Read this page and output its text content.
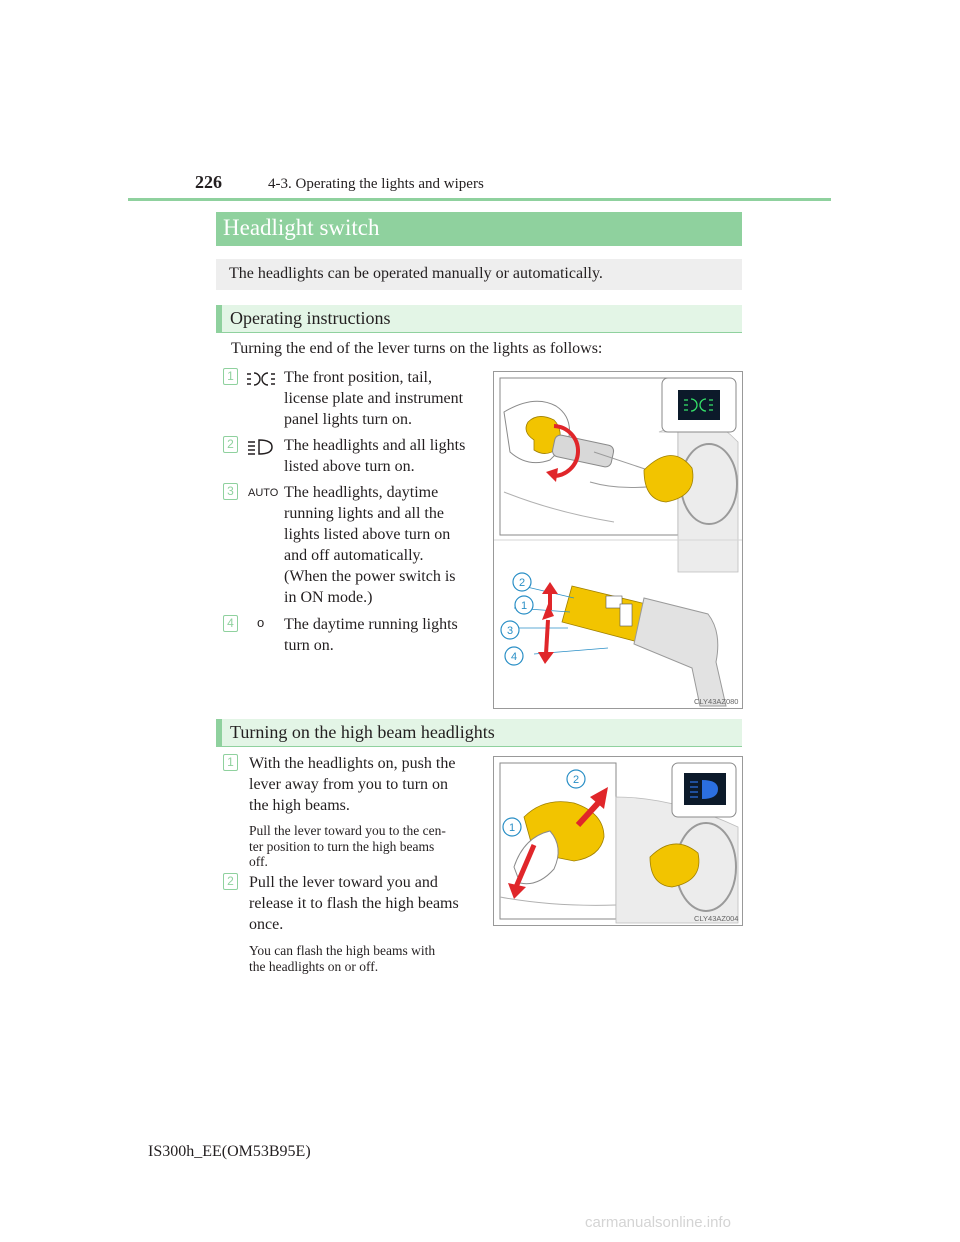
226	4-3. Operating the lights and wipers
Headlight switch
The headlights can be operated manually or automatically.
Operating instructions
Turning the end of the lever turns on the lights as follows:
1	The front position, tail,
license plate and instrument
panel lights turn on.
2	The headlights and all lights
listed above turn on.
3	AUTO The headlights, daytime
running lights and all the
lights listed above turn on
and off automatically.
(When the power switch is
in ON mode.)
4	o The daytime running lights
turn on.
2
1
3
4
CLY43AZ080
Turning on the high beam headlights
1 With the headlights on, push the
lever away from you to turn on
the high beams.
Pull the lever toward you to the cen-
ter position to turn the high beams
off.
2 Pull the lever toward you and
release it to flash the high beams
once.
You can flash the high beams with
the headlights on or off.
2
1
CLY43AZ004
IS300h_EE(OM53B95E)
carmanualsonline.info
